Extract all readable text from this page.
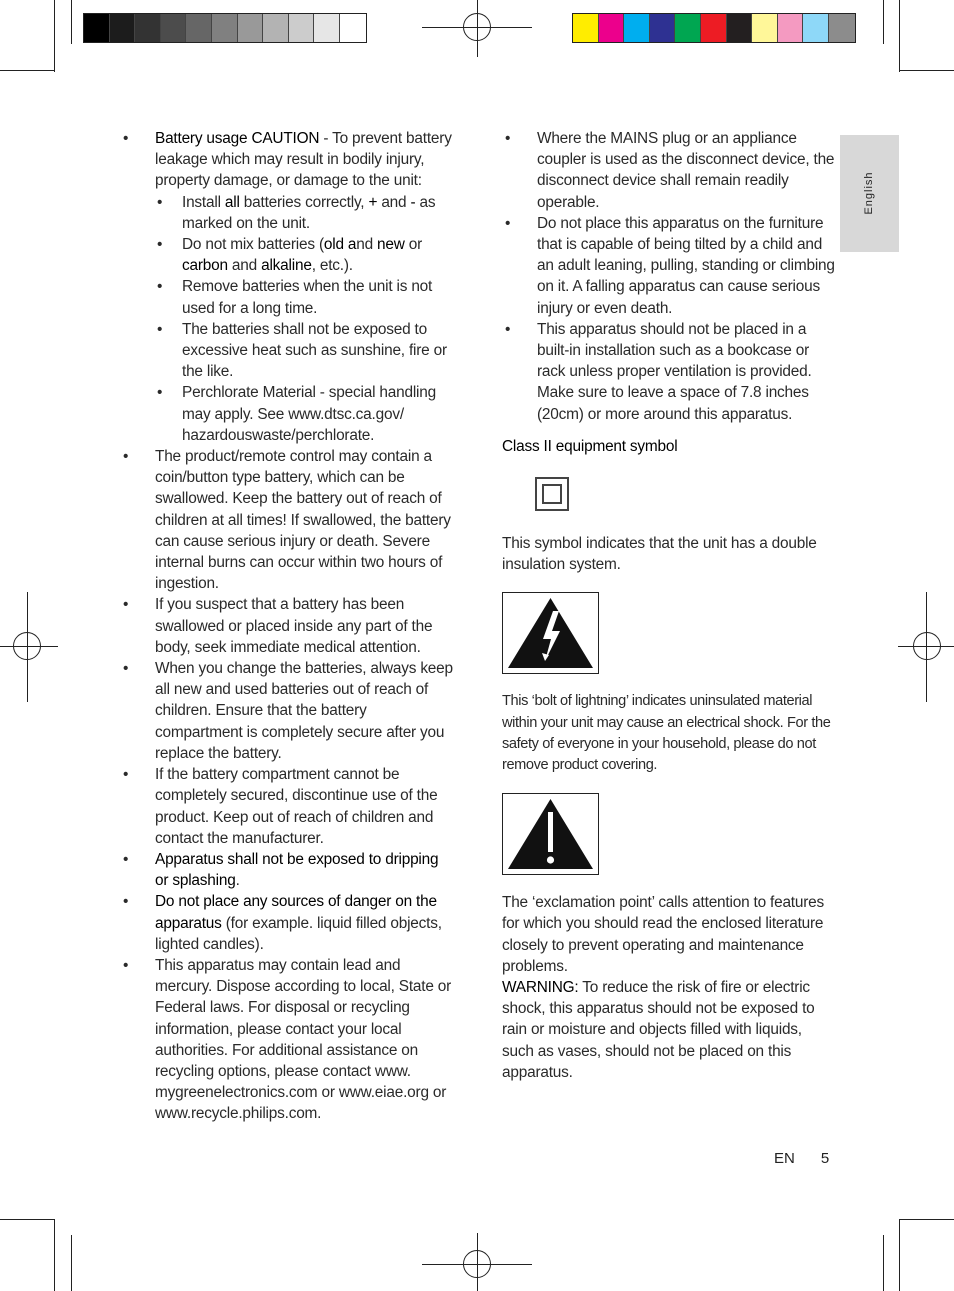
English
• Battery usage CAUTION - To prevent battery leakage which may result in bodily injury, property damage, or damage to the unit:
• Install all batteries correctly, + and - as marked on the unit.
• Do not mix batteries (old and new or carbon and alkaline, etc.).
• Remove batteries when the unit is not used for a long time.
• The batteries shall not be exposed to excessive heat such as sunshine, fire or the like.
• Perchlorate Material - special handling may apply. See www.dtsc.ca.gov/ hazardouswaste/perchlorate.
• The product/remote control may contain a coin/button type battery, which can be swallowed. Keep the battery out of reach of children at all times! If swallowed, the battery can cause serious injury or death. Severe internal burns can occur within two hours of ingestion.
• If you suspect that a battery has been swallowed or placed inside any part of the body, seek immediate medical attention.
• When you change the batteries, always keep all new and used batteries out of reach of children. Ensure that the battery compartment is completely secure after you replace the battery.
• If the battery compartment cannot be completely secured, discontinue use of the product. Keep out of reach of children and contact the manufacturer.
• Apparatus shall not be exposed to dripping or splashing.
• Do not place any sources of danger on the apparatus (for example. liquid filled objects, lighted candles).
• This apparatus may contain lead and mercury. Dispose according to local, State or Federal laws. For disposal or recycling information, please contact your local authorities. For additional assistance on recycling options, please contact www. mygreenelectronics.com or www.eiae.org or www.recycle.philips.com.
• Where the MAINS plug or an appliance coupler is used as the disconnect device, the disconnect device shall remain readily operable.
• Do not place this apparatus on the furniture that is capable of being tilted by a child and an adult leaning, pulling, standing or climbing on it. A falling apparatus can cause serious injury or even death.
• This apparatus should not be placed in a built-in installation such as a bookcase or rack unless proper ventilation is provided. Make sure to leave a space of 7.8 inches (20cm) or more around this apparatus.

Class II equipment symbol

This symbol indicates that the unit has a double insulation system.

This ‘bolt of lightning’ indicates uninsulated material within your unit may cause an electrical shock. For the safety of everyone in your household, please do not remove product covering.

The ‘exclamation point’ calls attention to features for which you should read the enclosed literature closely to prevent operating and maintenance problems.

WARNING: To reduce the risk of fire or electric shock, this apparatus should not be exposed to rain or moisture and objects filled with liquids, such as vases, should not be placed on this apparatus.

EN 5
